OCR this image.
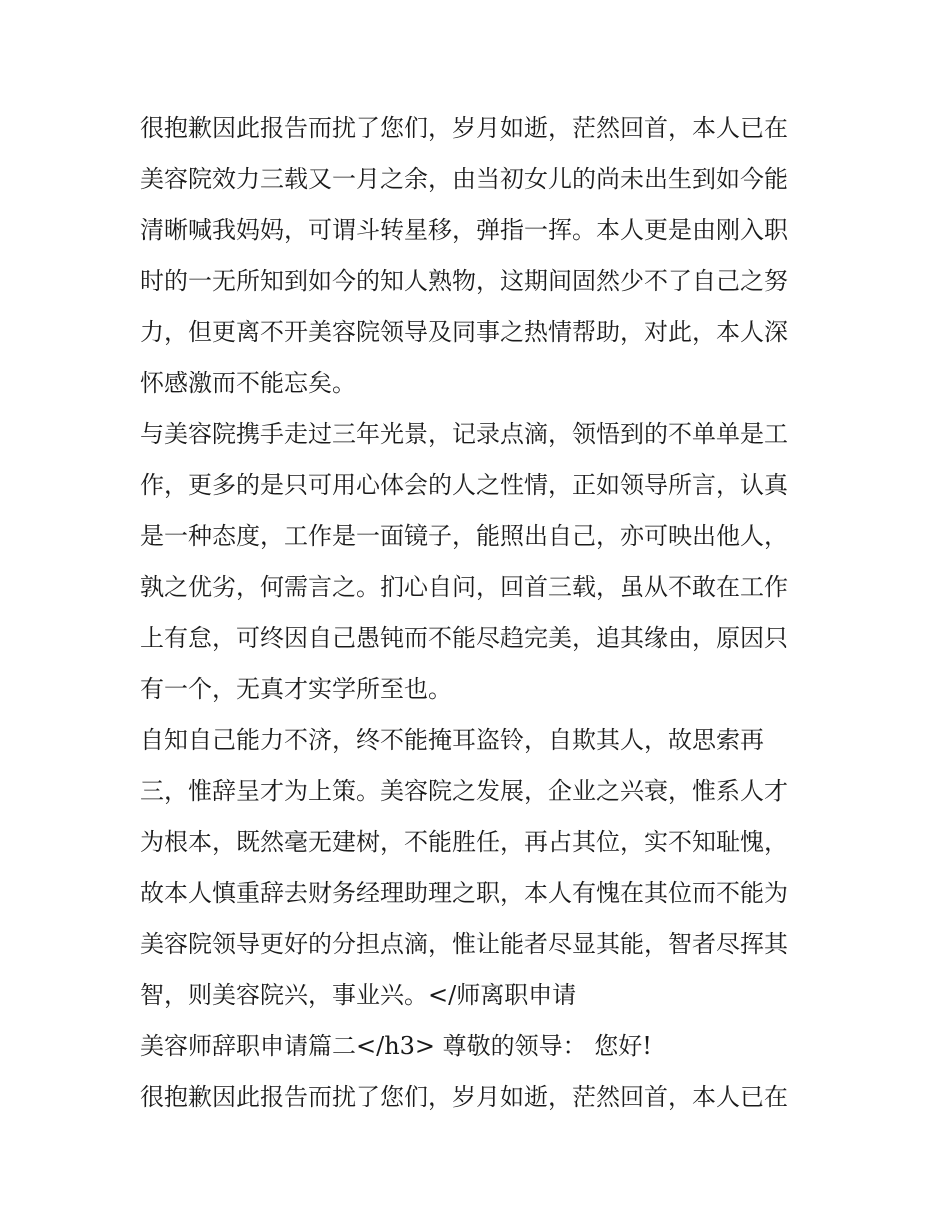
很抱歉因此报告而扰了您们，岁月如逝，茫然回首，本人已在
美容院效力三载又一月之余，由当初女儿的尚未出生到如今能
清晰喊我妈妈，可谓斗转星移，弹指一挥。本人更是由刚入职
时的一无所知到如今的知人熟物，这期间固然少不了自己之努
力，但更离不开美容院领导及同事之热情帮助，对此，本人深
怀感激而不能忘矣。
与美容院携手走过三年光景，记录点滴，领悟到的不单单是工
作，更多的是只可用心体会的人之性情，正如领导所言，认真
是一种态度，工作是一面镜子，能照出自己，亦可映出他人，
孰之优劣，何需言之。扪心自问，回首三载，虽从不敢在工作
上有怠，可终因自己愚钝而不能尽趋完美，追其缘由，原因只
有一个，无真才实学所至也。
自知自己能力不济，终不能掩耳盗铃，自欺其人，故思索再
三，惟辞呈才为上策。美容院之发展，企业之兴衰，惟系人才
为根本，既然毫无建树，不能胜任，再占其位，实不知耻愧，
故本人慎重辞去财务经理助理之职，本人有愧在其位而不能为
美容院领导更好的分担点滴，惟让能者尽显其能，智者尽挥其
智，则美容院兴，事业兴。</师离职申请
美容师辞职申请篇二</h3> 尊敬的领导： 您好!
很抱歉因此报告而扰了您们，岁月如逝，茫然回首，本人已在
